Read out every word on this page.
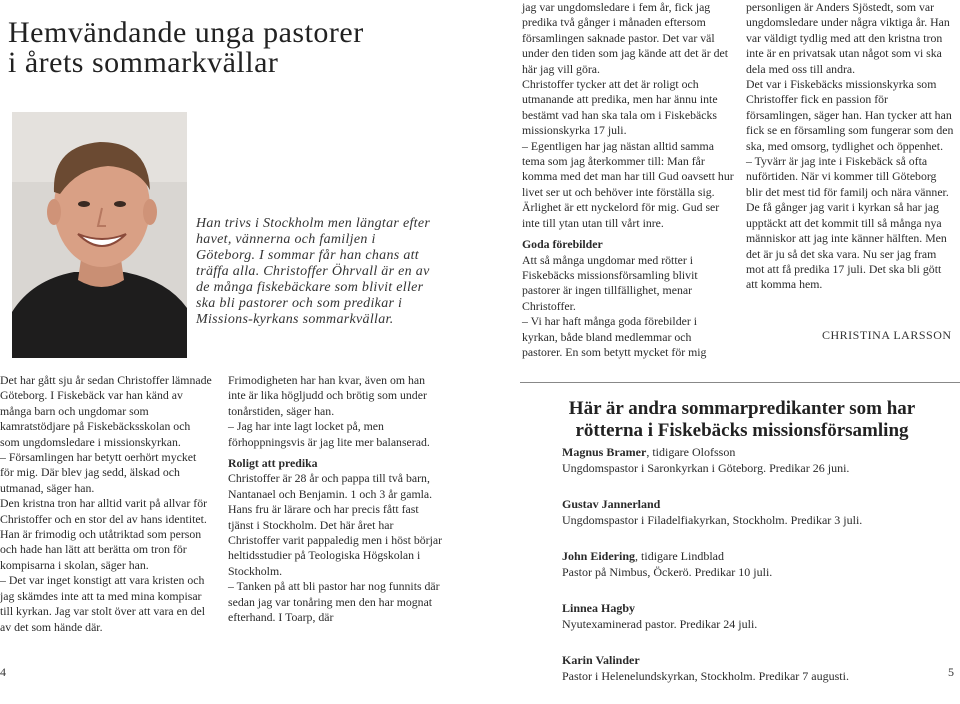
Hemvändande unga pastorer
i årets sommarkvällar
Han trivs i Stockholm men längtar efter havet, vännerna och familjen i Göteborg. I sommar får han chans att träffa alla. Christoffer Öhrvall är en av de många fiskebäckare som blivit eller ska bli pastorer och som predikar i Missions-kyrkans sommarkvällar.

Det har gått sju år sedan Christoffer lämnade Göteborg. I Fiskebäck var han känd av många barn och ungdomar som kamratstödjare på Fiskebäcksskolan och som ungdomsledare i missionskyrkan.

– Församlingen har betytt oerhört mycket för mig. Där blev jag sedd, älskad och utmanad, säger han.

Den kristna tron har alltid varit på allvar för Christoffer och en stor del av hans identitet. Han är frimodig och utåtriktad som person och hade han lätt att berätta om tron för kompisarna i skolan, säger han.

– Det var inget konstigt att vara kristen och jag skämdes inte att ta med mina kompisar till kyrkan. Jag var stolt över att vara en del av det som hände där.

Frimodigheten har han kvar, även om han inte är lika högljudd och brötig som under tonårstiden, säger han.

– Jag har inte lagt locket på, men förhoppningsvis är jag lite mer balanserad.

Roligt att predika

Christoffer är 28 år och pappa till två barn, Nantanael och Benjamin. 1 och 3 år gamla. Hans fru är lärare och har precis fått fast tjänst i Stockholm. Det här året har Christoffer varit pappaledig men i höst börjar heltidsstudier på Teologiska Högskolan i Stockholm.

– Tanken på att bli pastor har nog funnits där sedan jag var tonåring men den har mognat efterhand. I Toarp, där

4

jag var ungdomsledare i fem år, fick jag predika två gånger i månaden eftersom församlingen saknade pastor. Det var väl under den tiden som jag kände att det är det här jag vill göra.

Christoffer tycker att det är roligt och utmanande att predika, men har ännu inte bestämt vad han ska tala om i Fiskebäcks missionskyrka 17 juli.

– Egentligen har jag nästan alltid samma tema som jag återkommer till: Man får komma med det man har till Gud oavsett hur livet ser ut och behöver inte förställa sig. Ärlighet är ett nyckelord för mig. Gud ser inte till ytan utan till vårt inre.

Goda förebilder

Att så många ungdomar med rötter i Fiskebäcks missionsförsamling blivit pastorer är ingen tillfällighet, menar Christoffer.

– Vi har haft många goda förebilder i kyrkan, både bland medlemmar och pastorer. En som betytt mycket för mig

personligen är Anders Sjöstedt, som var ungdomsledare under några viktiga år. Han var väldigt tydlig med att den kristna tron inte är en privatsak utan något som vi ska dela med oss till andra.

Det var i Fiskebäcks missionskyrka som Christoffer fick en passion för församlingen, säger han. Han tycker att han fick se en församling som fungerar som den ska, med omsorg, tydlighet och öppenhet.

– Tyvärr är jag inte i Fiskebäck så ofta nuförtiden. När vi kommer till Göteborg blir det mest tid för familj och nära vänner. De få gånger jag varit i kyrkan så har jag upptäckt att det kommit till så många nya människor att jag inte känner hälften. Men det är ju så det ska vara. Nu ser jag fram mot att få predika 17 juli. Det ska bli gött att komma hem.

CHRISTINA LARSSON
Här är andra sommarpredikanter som har
rötterna i Fiskebäcks missionsförsamling
Magnus Bramer, tidigare Olofsson
Ungdomspastor i Saronkyrkan i Göteborg. Predikar 26 juni.
Gustav Jannerland
Ungdomspastor i Filadelfiakyrkan, Stockholm. Predikar 3 juli.
John Eidering, tidigare Lindblad
Pastor på Nimbus, Öckerö. Predikar 10 juli.
Linnea Hagby
Nyutexaminerad pastor. Predikar 24 juli.
Karin Valinder
Pastor i Helenelundskyrkan, Stockholm. Predikar 7 augusti.	5
